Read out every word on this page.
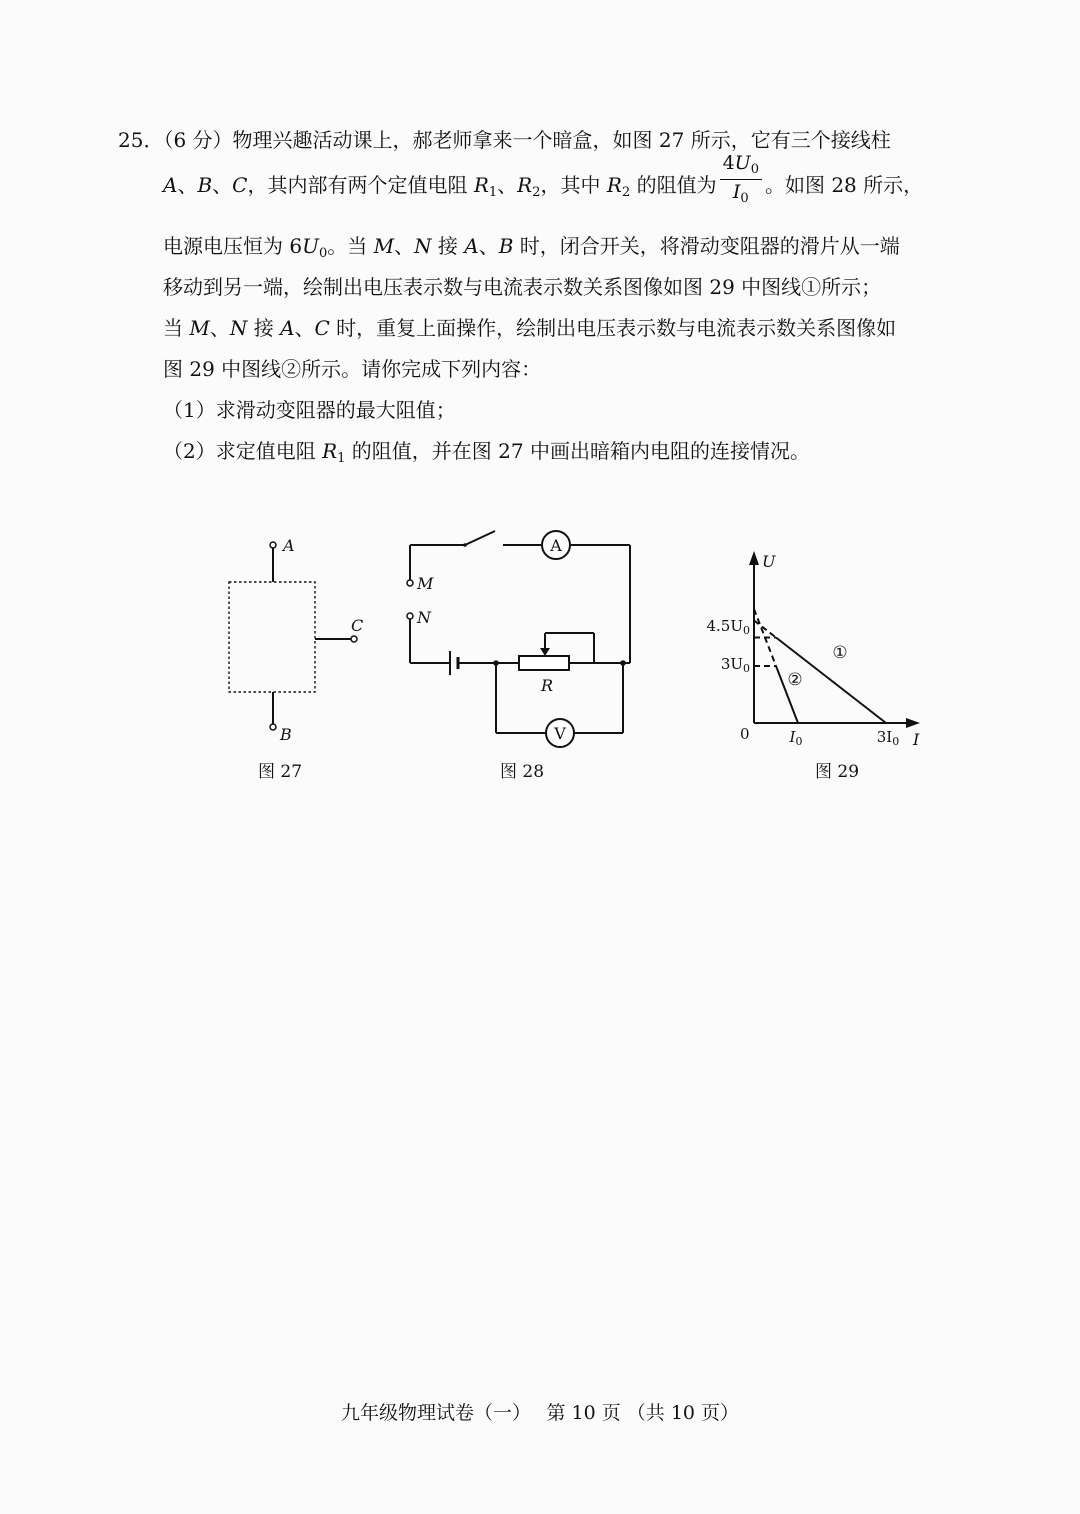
25．（6 分）物理兴趣活动课上，郝老师拿来一个暗盒，如图 27 所示，它有三个接线柱
A、B、C，其内部有两个定值电阻 $R_1$、$R_2$，其中 $R_2$ 的阻值为 $\frac{4U_0}{I_0}$ 。如图 28 所示，
电源电压恒为 $6U_0$。当 M、N 接 A、B 时，闭合开关，将滑动变阻器的滑片从一端
移动到另一端，绘制出电压表示数与电流表示数关系图像如图 29 中图线①所示；
当 M、N 接 A、C 时，重复上面操作，绘制出电压表示数与电流表示数关系图像如
图 29 中图线②所示。请你完成下列内容：
（1）求滑动变阻器的最大阻值；
（2）求定值电阻 $R_1$ 的阻值，并在图 27 中画出暗箱内电阻的连接情况。
A
B
C
图 27
A
M
N
R
V
图 28
U
I
0
$4.5U_0$
$3U_0$
$I_0$	$3I_0$
①
②
图 29
九年级物理试卷（一）　 第 10 页 （共 10 页）
